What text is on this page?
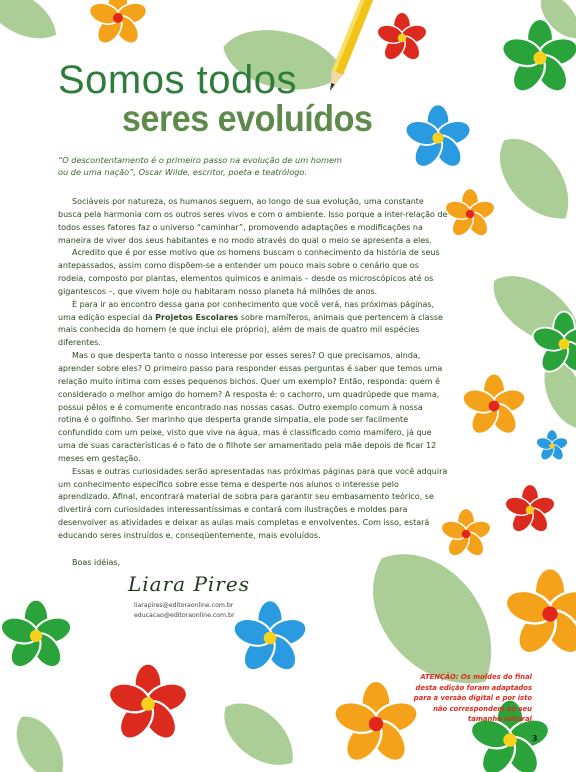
Somos todos
seres evoluídos
“O descontentamento é o primeiro passo na evolução de um homem
ou de uma nação”, Oscar Wilde, escritor, poeta e teatrólogo.

Sociáveis por natureza, os humanos seguem, ao longo de sua evolução, uma constante busca pela harmonia com os outros seres vivos e com o ambiente. Isso porque a inter-relação de todos esses fatores faz o universo “caminhar”, promovendo adaptações e modificações na maneira de viver dos seus habitantes e no modo através do qual o meio se apresenta a eles.

Acredito que é por esse motivo que os homens buscam o conhecimento da história de seus antepassados, assim como dispõem-se a entender um pouco mais sobre o cenário que os rodeia, composto por plantas, elementos químicos e animais – desde os microscópicos até os gigantescos –, que vivem hoje ou habitaram nosso planeta há milhões de anos.

É para ir ao encontro dessa gana por conhecimento que você verá, nas próximas páginas, uma edição especial da Projetos Escolares sobre mamíferos, animais que pertencem à classe mais conhecida do homem (e que inclui ele próprio), além de mais de quatro mil espécies diferentes.

Mas o que desperta tanto o nosso interesse por esses seres? O que precisamos, ainda, aprender sobre eles? O primeiro passo para responder essas perguntas é saber que temos uma relação muito íntima com esses pequenos bichos. Quer um exemplo? Então, responda: quem é considerado o melhor amigo do homem? A resposta é: o cachorro, um quadrúpede que mama, possui pêlos e é comumente encontrado nas nossas casas. Outro exemplo comum à nossa rotina é o golfinho. Ser marinho que desperta grande simpatia, ele pode ser facilmente confundido com um peixe, visto que vive na água, mas é classificado como mamífero, já que uma de suas características é o fato de o filhote ser amamentado pela mãe depois de ficar 12 meses em gestação.

Essas e outras curiosidades serão apresentadas nas próximas páginas para que você adquira um conhecimento específico sobre esse tema e desperte nos alunos o interesse pelo aprendizado. Afinal, encontrará material de sobra para garantir seu embasamento teórico, se divertirá com curiosidades interessantíssimas e contará com ilustrações e moldes para desenvolver as atividades e deixar as aulas mais completas e envolventes. Com isso, estará educando seres instruídos e, conseqüentemente, mais evoluídos.

Boas idéias,
Liara Pires
liarapires@editoraonline.com.br
educacao@editoraonline.com.br
ATENÇÃO: Os moldes do final desta edição foram adaptados para a versão digital e por isto não correspondem ao seu tamanho natural
3
